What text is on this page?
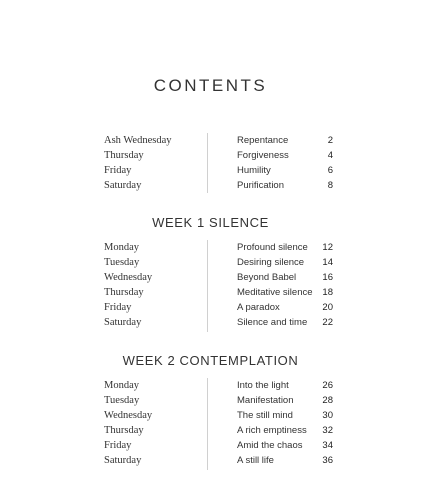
CONTENTS
Ash Wednesday	Repentance	2
Thursday	Forgiveness	4
Friday	Humility	6
Saturday	Purification	8
WEEK 1 SILENCE
Monday	Profound silence 12
Tuesday	Desiring silence 14
Wednesday	Beyond Babel	16
Thursday	Meditative silence 18
Friday	A paradox	20
Saturday	Silence and time 22
WEEK 2 CONTEMPLATION
Monday	Into the light	26
Tuesday	Manifestation	28
Wednesday	The still mind	30
Thursday	A rich emptiness 32
Friday	Amid the chaos 34
Saturday	A still life	36
